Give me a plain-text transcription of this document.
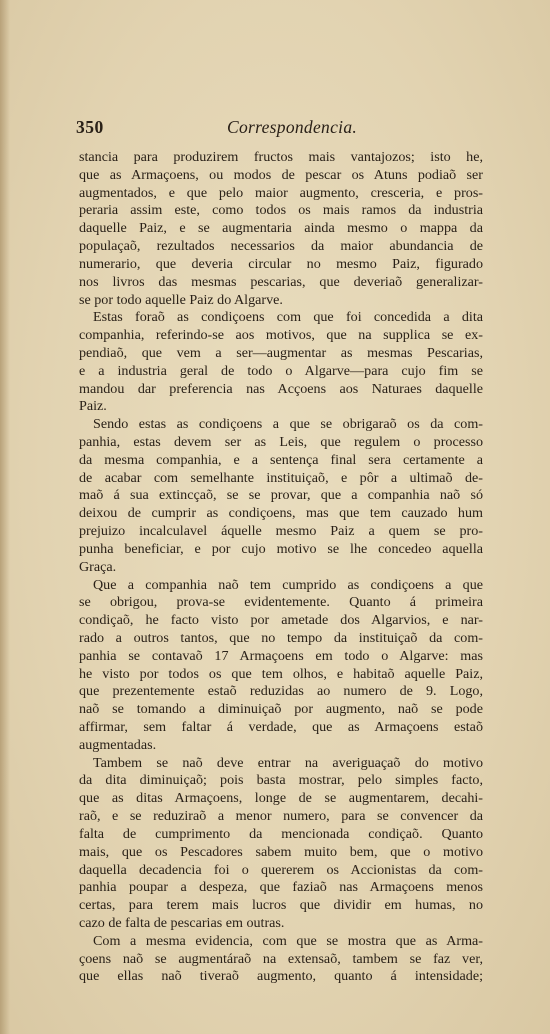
350	Correspondencia.
stancia para produzirem fructos mais vantajozos; isto he,
que as Armaçoens, ou modos de pescar os Atuns podiaõ ser
augmentados, e que pelo maior augmento, cresceria, e pros-
peraria assim este, como todos os mais ramos da industria
daquelle Paiz, e se augmentaria ainda mesmo o mappa da
populaçaõ, rezultados necessarios da maior abundancia de
numerario, que deveria circular no mesmo Paiz, figurado
nos livros das mesmas pescarias, que deveriaõ generalizar-
se por todo aquelle Paiz do Algarve.
Estas foraõ as condiçoens com que foi concedida a dita
companhia, referindo-se aos motivos, que na supplica se ex-
pendiaõ, que vem a ser—augmentar as mesmas Pescarias,
e a industria geral de todo o Algarve—para cujo fim se
mandou dar preferencia nas Acçoens aos Naturaes daquelle
Paiz.
Sendo estas as condiçoens a que se obrigaraõ os da com-
panhia, estas devem ser as Leis, que regulem o processo
da mesma companhia, e a sentença final sera certamente a
de acabar com semelhante instituiçaõ, e pôr a ultimaõ de-
maõ á sua extincçaõ, se se provar, que a companhia naõ só
deixou de cumprir as condiçoens, mas que tem cauzado hum
prejuizo incalculavel áquelle mesmo Paiz a quem se pro-
punha beneficiar, e por cujo motivo se lhe concedeo aquella
Graça.
Que a companhia naõ tem cumprido as condiçoens a que
se obrigou, prova-se evidentemente. Quanto á primeira
condiçaõ, he facto visto por ametade dos Algarvios, e nar-
rado a outros tantos, que no tempo da instituiçaõ da com-
panhia se contavaõ 17 Armaçoens em todo o Algarve: mas
he visto por todos os que tem olhos, e habitaõ aquelle Paiz,
que prezentemente estaõ reduzidas ao numero de 9. Logo,
naõ se tomando a diminuiçaõ por augmento, naõ se pode
affirmar, sem faltar á verdade, que as Armaçoens estaõ
augmentadas.
Tambem se naõ deve entrar na averiguaçaõ do motivo
da dita diminuiçaõ; pois basta mostrar, pelo simples facto,
que as ditas Armaçoens, longe de se augmentarem, decahi-
raõ, e se reduziraõ a menor numero, para se convencer da
falta de cumprimento da mencionada condiçaõ. Quanto
mais, que os Pescadores sabem muito bem, que o motivo
daquella decadencia foi o quererem os Accionistas da com-
panhia poupar a despeza, que faziaõ nas Armaçoens menos
certas, para terem mais lucros que dividir em humas, no
cazo de falta de pescarias em outras.
Com a mesma evidencia, com que se mostra que as Arma-
çoens naõ se augmentáraõ na extensaõ, tambem se faz ver,
que ellas naõ tiveraõ augmento, quanto á intensidade;
